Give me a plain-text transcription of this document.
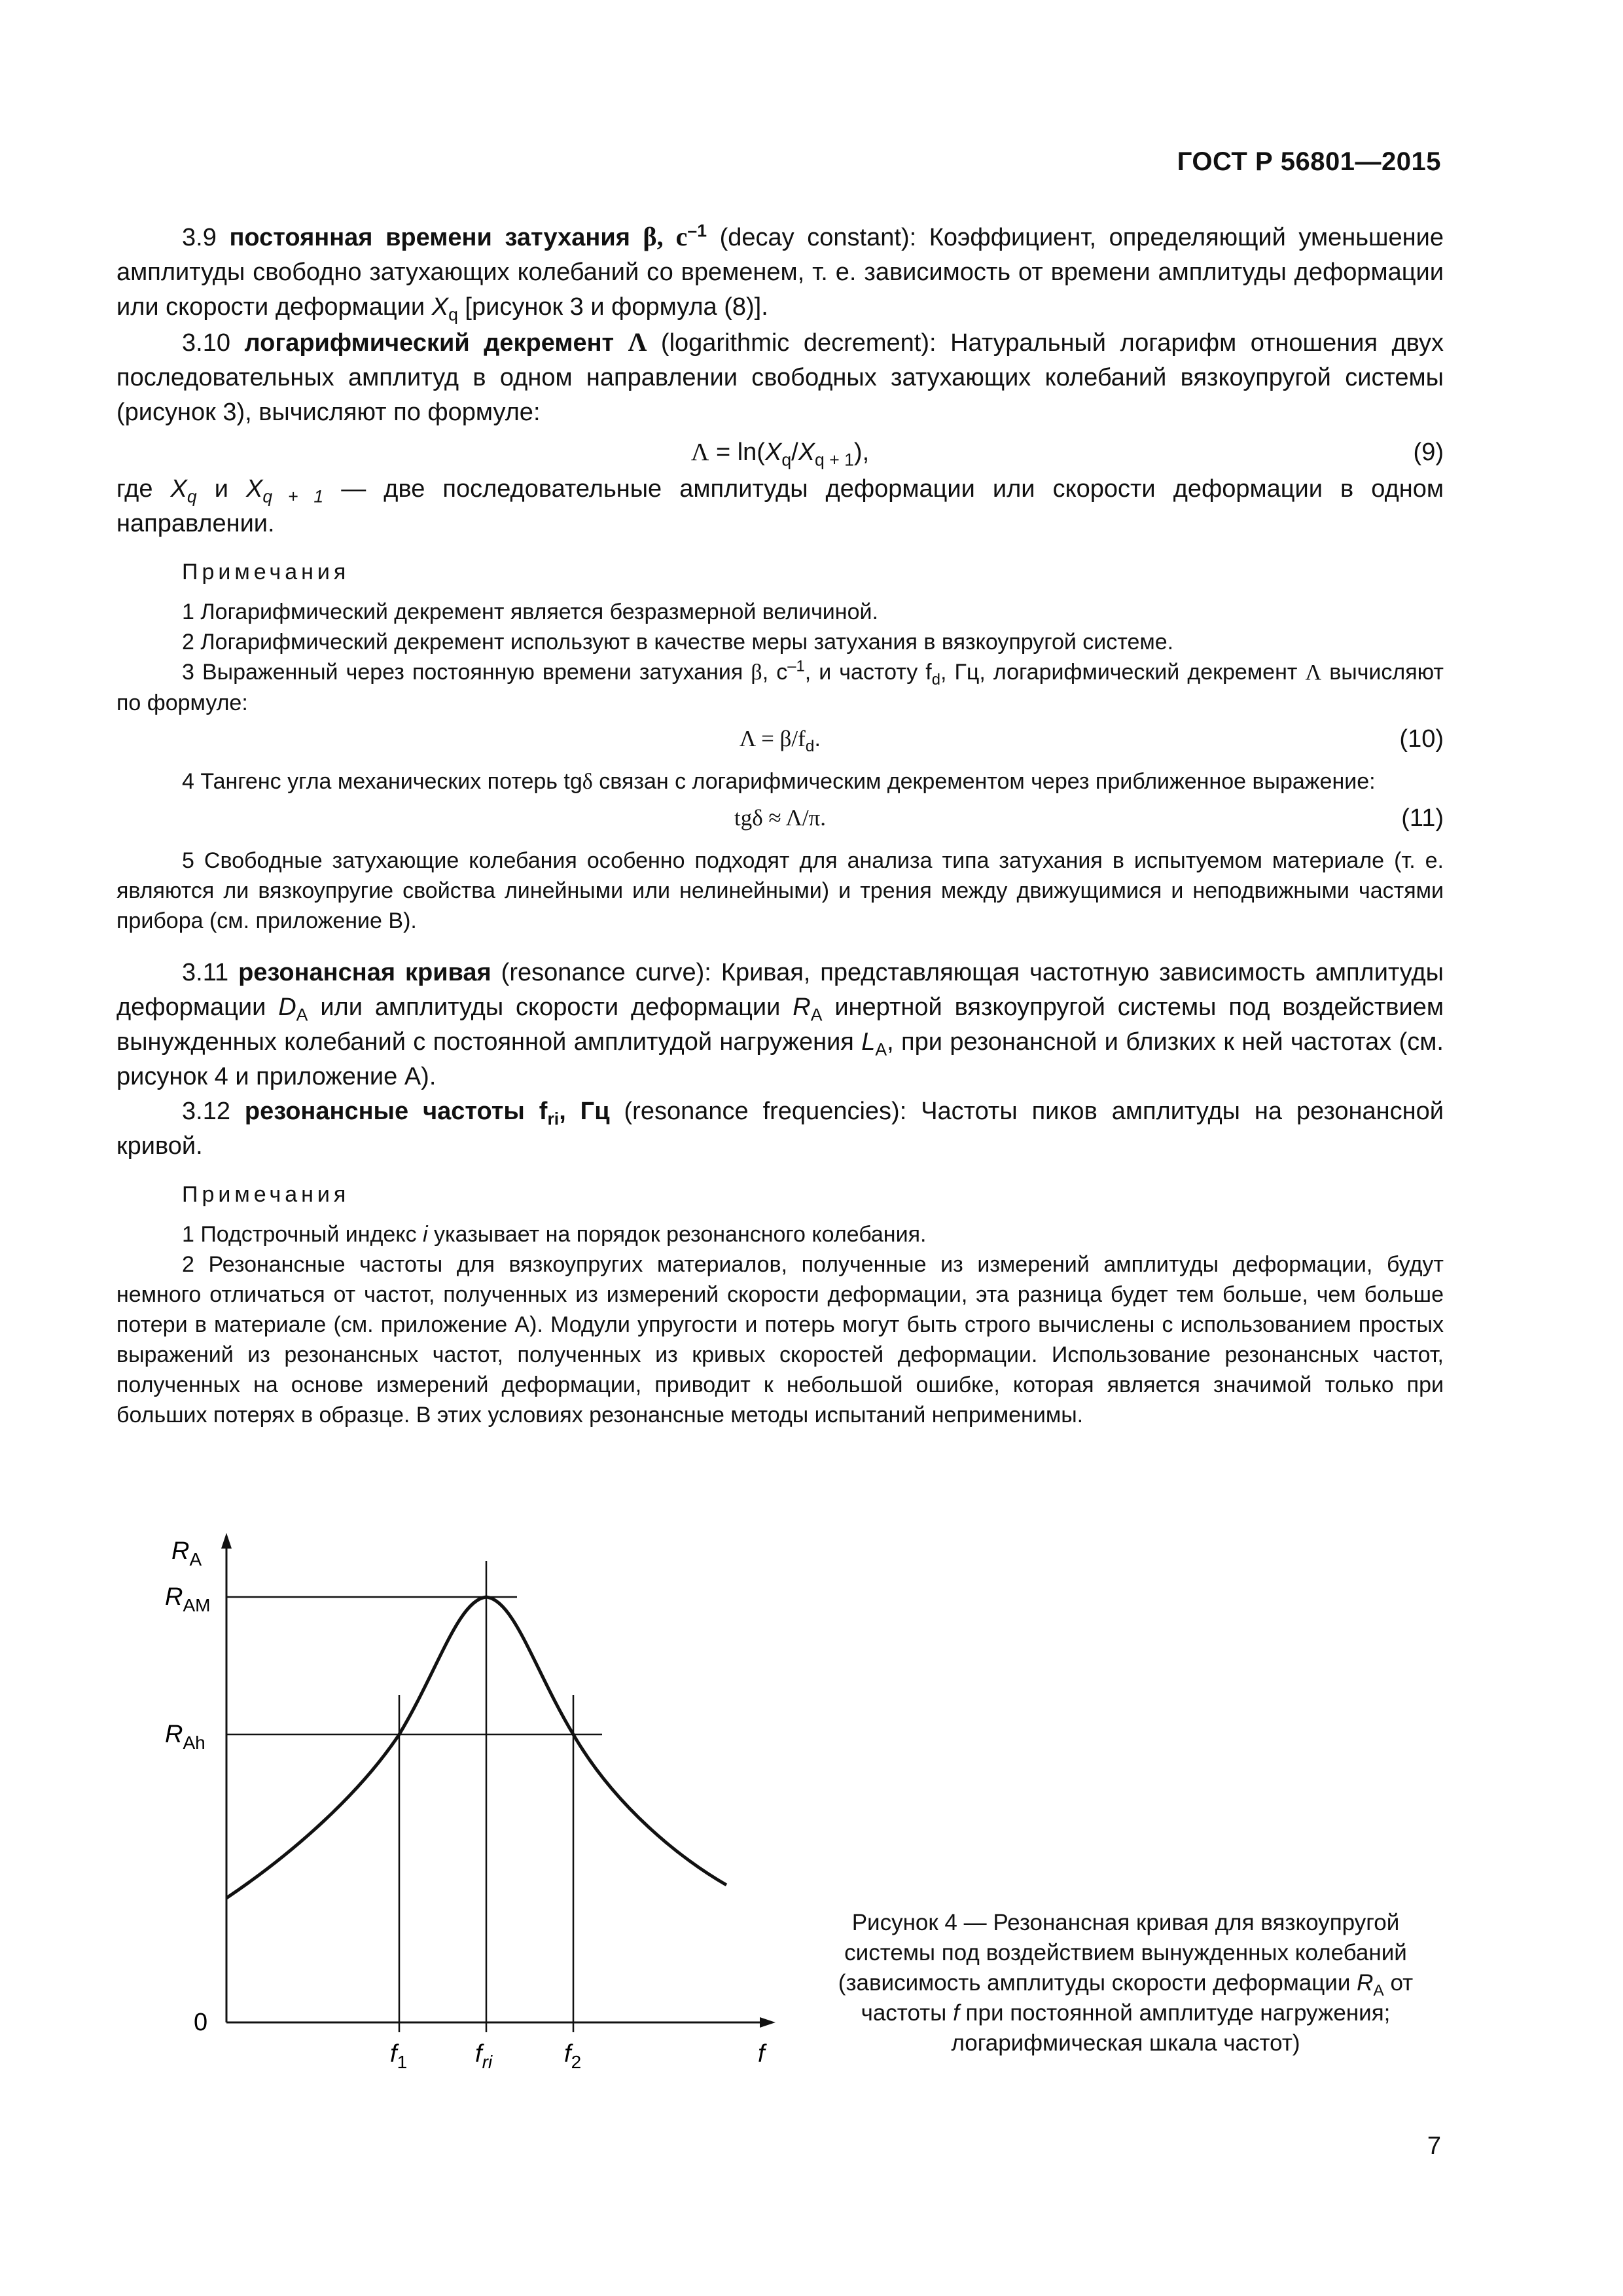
ГОСТ Р 56801—2015

3.9 постоянная времени затухания β, $с^{-1}$ (decay constant): Коэффициент, определяющий уменьшение амплитуды свободно затухающих колебаний со временем, т. е. зависимость от времени амплитуды деформации или скорости деформации $X_q$ [рисунок 3 и формула (8)].

3.10 логарифмический декремент Λ (logarithmic decrement): Натуральный логарифм отношения двух последовательных амплитуд в одном направлении свободных затухающих колебаний вязкоупругой системы (рисунок 3), вычисляют по формуле:

$\Lambda = \ln(X_q/X_{q + 1})$,	(9)

где $X_q$ и $X_{q + 1}$ — две последовательные амплитуды деформации или скорости деформации в одном направлении.

Примечания

1 Логарифмический декремент является безразмерной величиной.

2 Логарифмический декремент используют в качестве меры затухания в вязкоупругой системе.

3 Выраженный через постоянную времени затухания β, $с^{-1}$, и частоту $f_d$, Гц, логарифмический декремент Λ вычисляют по формуле:

$\Lambda = \beta/f_d$.	(10)

4 Тангенс угла механических потерь tgδ связан с логарифмическим декрементом через приближенное выражение:

tgδ ≈ Λ/π.	(11)

5 Свободные затухающие колебания особенно подходят для анализа типа затухания в испытуемом материале (т. е. являются ли вязкоупругие свойства линейными или нелинейными) и трения между движущимися и неподвижными частями прибора (см. приложение В).

3.11 резонансная кривая (resonance curve): Кривая, представляющая частотную зависимость амплитуды деформации $D_A$ или амплитуды скорости деформации $R_A$ инертной вязкоупругой системы под воздействием вынужденных колебаний с постоянной амплитудой нагружения $L_A$, при резонансной и близких к ней частотах (см. рисунок 4 и приложение А).

3.12 резонансные частоты $f_{ri}$, Гц (resonance frequencies): Частоты пиков амплитуды на резонансной кривой.

Примечания

1 Подстрочный индекс i указывает на порядок резонансного колебания.

2 Резонансные частоты для вязкоупругих материалов, полученные из измерений амплитуды деформации, будут немного отличаться от частот, полученных из измерений скорости деформации, эта разница будет тем больше, чем больше потери в материале (см. приложение А). Модули упругости и потерь могут быть строго вычислены с использованием простых выражений из резонансных частот, полученных из кривых скоростей деформации. Использование резонансных частот, полученных на основе измерений деформации, приводит к небольшой ошибке, которая является значимой только при больших потерях в образце. В этих условиях резонансные методы испытаний неприменимы.

$R_A$
$R_{AM}$
$R_{Ah}$
0
$f_1$	$f_{ri}$	$f_2$	f
Рисунок 4 — Резонансная кривая для вязкоупругой системы под воздействием вынужденных колебаний (зависимость амплитуды скорости деформации $R_A$ от частоты f при постоянной амплитуде нагружения; логарифмическая шкала частот)
7
